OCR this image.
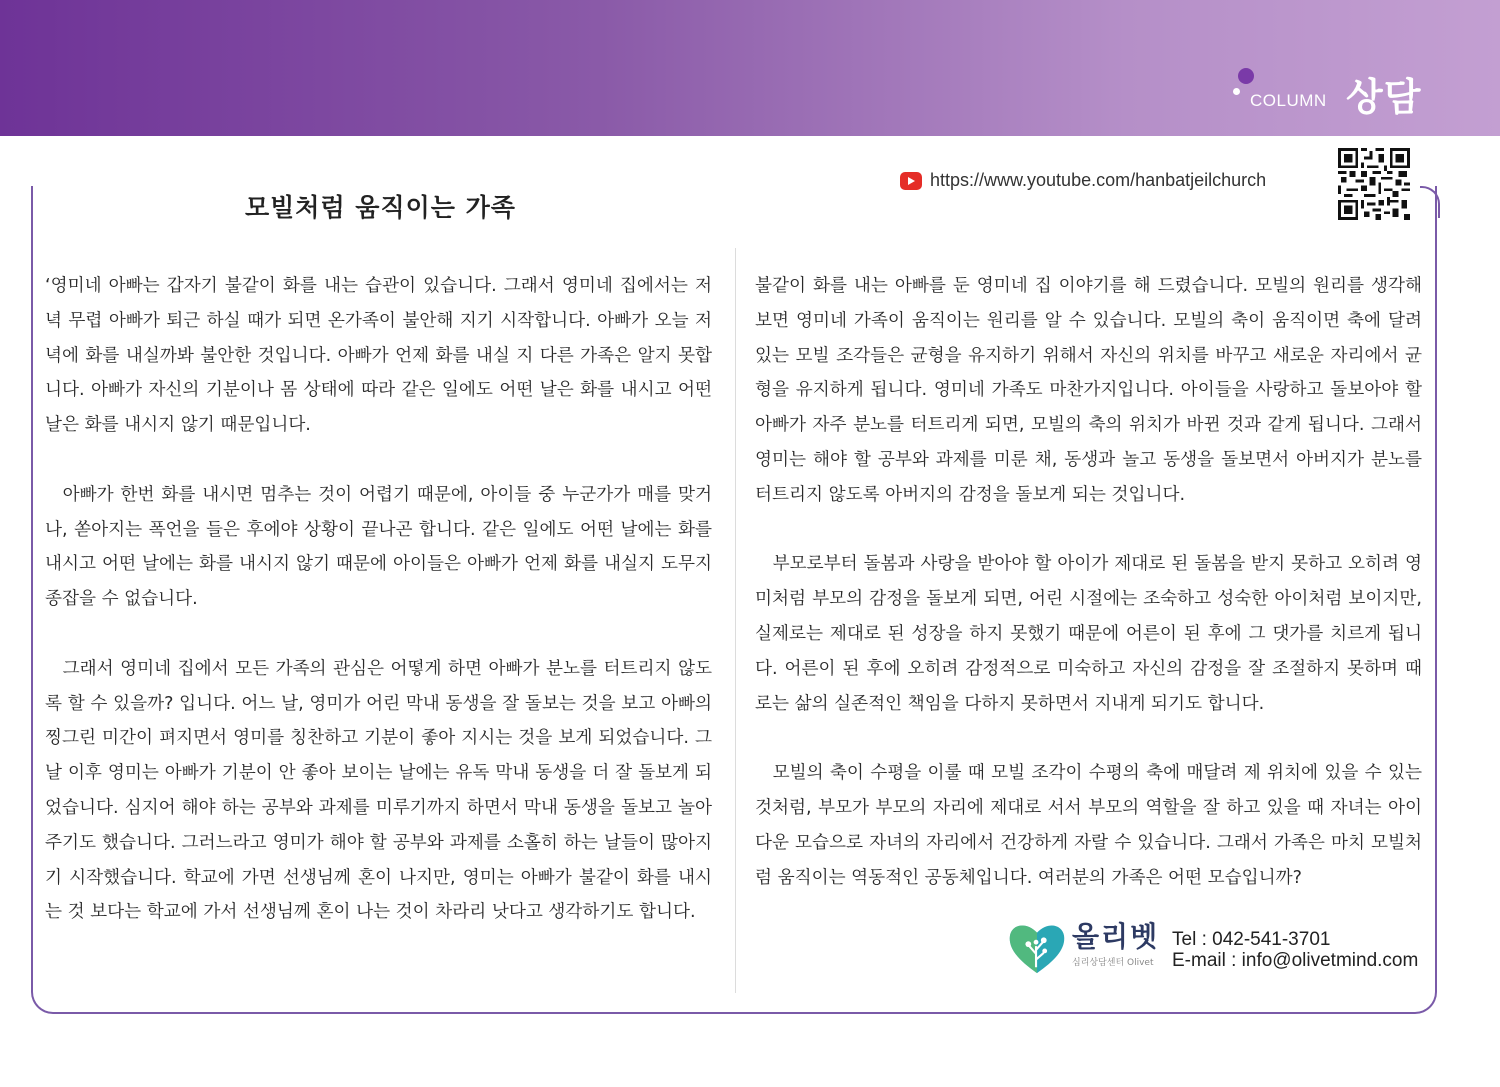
COLUMN 상담
모빌처럼 움직이는 가족
https://www.youtube.com/hanbatjeilchurch

‘영미네 아빠는 갑자기 불같이 화를 내는 습관이 있습니다. 그래서 영미네 집에서는 저녁 무렵 아빠가 퇴근 하실 때가 되면 온가족이 불안해 지기 시작합니다. 아빠가 오늘 저녁에 화를 내실까봐 불안한 것입니다. 아빠가 언제 화를 내실 지 다른 가족은 알지 못합니다. 아빠가 자신의 기분이나 몸 상태에 따라 같은 일에도 어떤 날은 화를 내시고 어떤 날은 화를 내시지 않기 때문입니다.

아빠가 한번 화를 내시면 멈추는 것이 어렵기 때문에, 아이들 중 누군가가 매를 맞거나, 쏟아지는 폭언을 들은 후에야 상황이 끝나곤 합니다. 같은 일에도 어떤 날에는 화를 내시고 어떤 날에는 화를 내시지 않기 때문에 아이들은 아빠가 언제 화를 내실지 도무지 종잡을 수 없습니다.

그래서 영미네 집에서 모든 가족의 관심은 어떻게 하면 아빠가 분노를 터트리지 않도록 할 수 있을까? 입니다. 어느 날, 영미가 어린 막내 동생을 잘 돌보는 것을 보고 아빠의 찡그린 미간이 펴지면서 영미를 칭찬하고 기분이 좋아 지시는 것을 보게 되었습니다. 그날 이후 영미는 아빠가 기분이 안 좋아 보이는 날에는 유독 막내 동생을 더 잘 돌보게 되었습니다. 심지어 해야 하는 공부와 과제를 미루기까지 하면서 막내 동생을 돌보고 놀아주기도 했습니다. 그러느라고 영미가 해야 할 공부와 과제를 소홀히 하는 날들이 많아지기 시작했습니다. 학교에 가면 선생님께 혼이 나지만, 영미는 아빠가 불같이 화를 내시는 것 보다는 학교에 가서 선생님께 혼이 나는 것이 차라리 낫다고 생각하기도 합니다.

불같이 화를 내는 아빠를 둔 영미네 집 이야기를 해 드렸습니다. 모빌의 원리를 생각해 보면 영미네 가족이 움직이는 원리를 알 수 있습니다. 모빌의 축이 움직이면 축에 달려 있는 모빌 조각들은 균형을 유지하기 위해서 자신의 위치를 바꾸고 새로운 자리에서 균형을 유지하게 됩니다. 영미네 가족도 마찬가지입니다. 아이들을 사랑하고 돌보아야 할 아빠가 자주 분노를 터트리게 되면, 모빌의 축의 위치가 바뀐 것과 같게 됩니다. 그래서 영미는 해야 할 공부와 과제를 미룬 채, 동생과 놀고 동생을 돌보면서 아버지가 분노를 터트리지 않도록 아버지의 감정을 돌보게 되는 것입니다.

부모로부터 돌봄과 사랑을 받아야 할 아이가 제대로 된 돌봄을 받지 못하고 오히려 영미처럼 부모의 감정을 돌보게 되면, 어린 시절에는 조숙하고 성숙한 아이처럼 보이지만, 실제로는 제대로 된 성장을 하지 못했기 때문에 어른이 된 후에 그 댓가를 치르게 됩니다. 어른이 된 후에 오히려 감정적으로 미숙하고 자신의 감정을 잘 조절하지 못하며 때로는 삶의 실존적인 책임을 다하지 못하면서 지내게 되기도 합니다.

모빌의 축이 수평을 이룰 때 모빌 조각이 수평의 축에 매달려 제 위치에 있을 수 있는 것처럼, 부모가 부모의 자리에 제대로 서서 부모의 역할을 잘 하고 있을 때 자녀는 아이다운 모습으로 자녀의 자리에서 건강하게 자랄 수 있습니다. 그래서 가족은 마치 모빌처럼 움직이는 역동적인 공동체입니다. 여러분의 가족은 어떤 모습입니까?

올리벳
심리상담센터 Olivet
Tel : 042-541-3701
E-mail : info@olivetmind.com
